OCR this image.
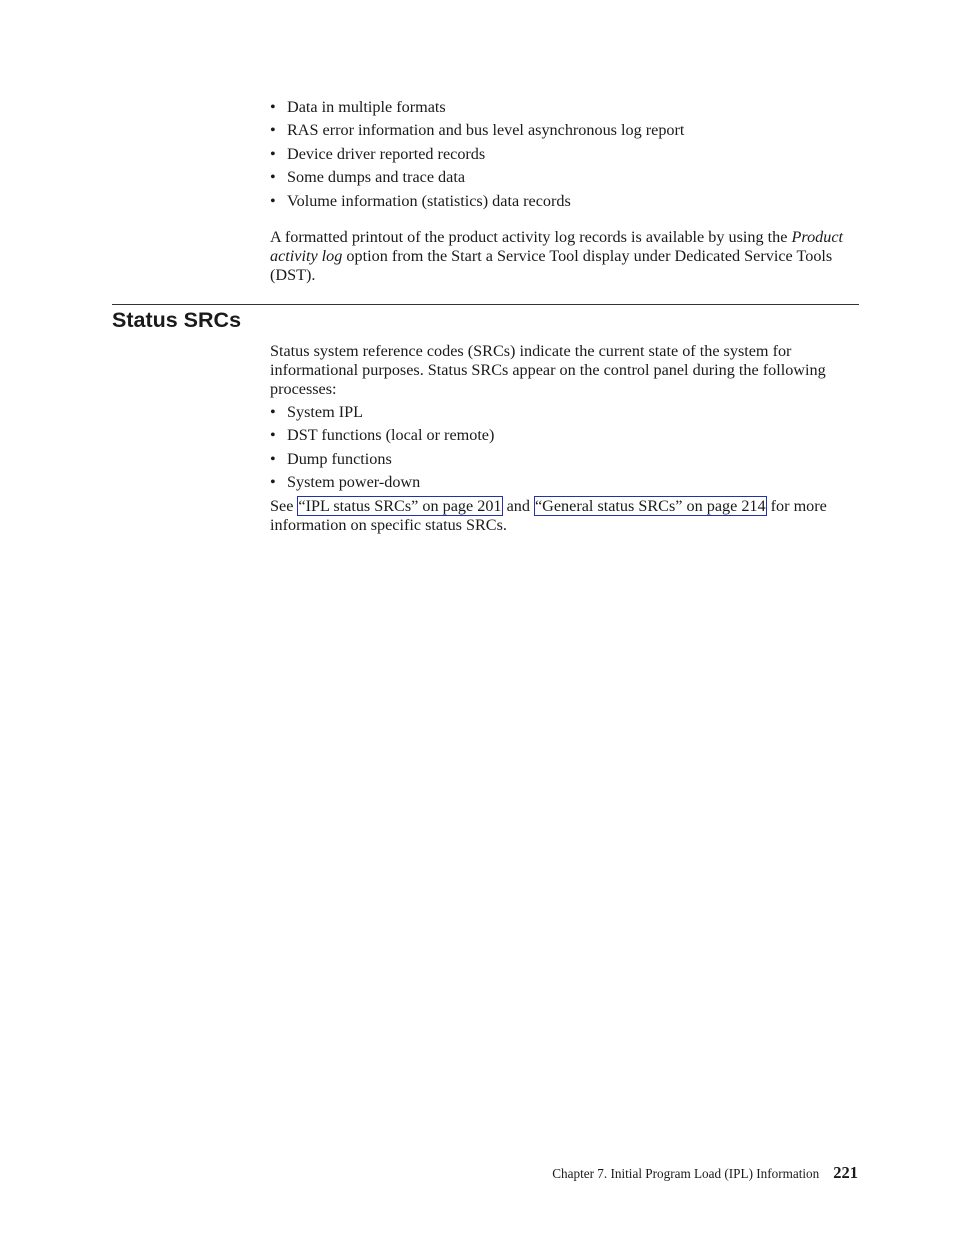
• Data in multiple formats
• RAS error information and bus level asynchronous log report
• Device driver reported records
• Some dumps and trace data
• Volume information (statistics) data records

A formatted printout of the product activity log records is available by using the Product activity log option from the Start a Service Tool display under Dedicated Service Tools (DST).

Status SRCs

Status system reference codes (SRCs) indicate the current state of the system for informational purposes. Status SRCs appear on the control panel during the following processes:

• System IPL
• DST functions (local or remote)
• Dump functions
• System power-down

See “IPL status SRCs” on page 201 and “General status SRCs” on page 214 for more information on specific status SRCs.

Chapter 7. Initial Program Load (IPL) Information 221
